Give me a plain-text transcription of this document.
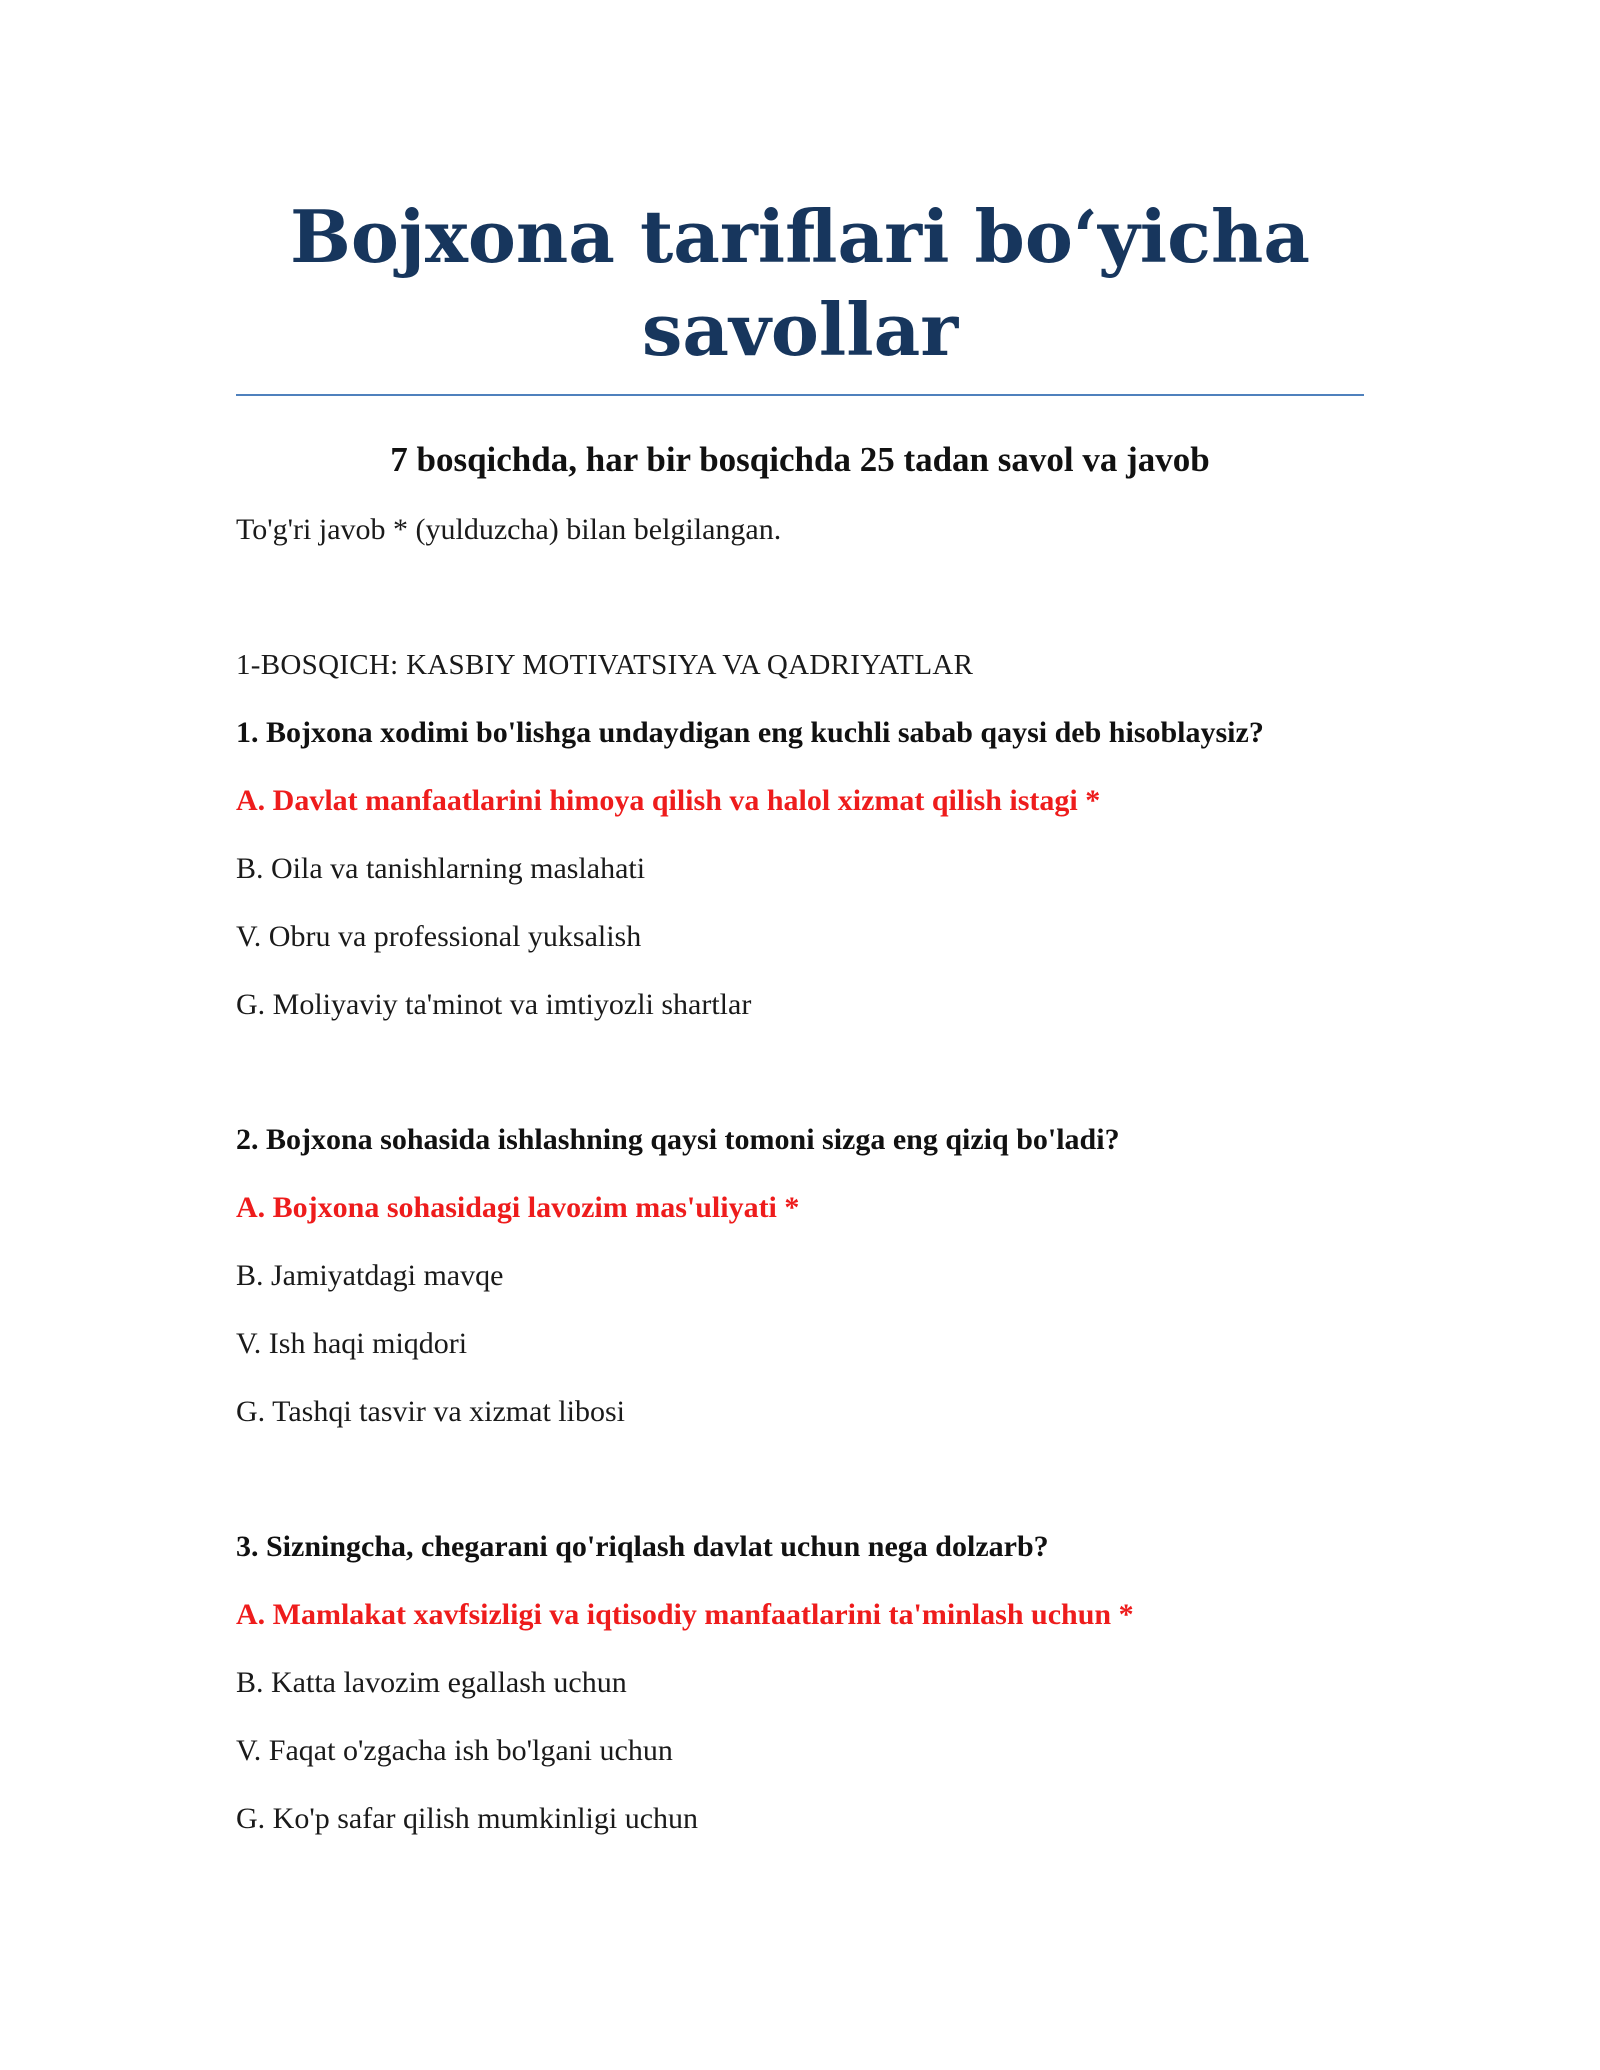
Bojxona tariflari bo‘yicha savollar
7 bosqichda, har bir bosqichda 25 tadan savol va javob

To'g'ri javob * (yulduzcha) bilan belgilangan.

1-BOSQICH: KASBIY MOTIVATSIYA VA QADRIYATLAR

1. Bojxona xodimi bo'lishga undaydigan eng kuchli sabab qaysi deb hisoblaysiz?

A. Davlat manfaatlarini himoya qilish va halol xizmat qilish istagi *

B. Oila va tanishlarning maslahati

V. Obru va professional yuksalish

G. Moliyaviy ta'minot va imtiyozli shartlar

2. Bojxona sohasida ishlashning qaysi tomoni sizga eng qiziq bo'ladi?

A. Bojxona sohasidagi lavozim mas'uliyati *

B. Jamiyatdagi mavqe

V. Ish haqi miqdori

G. Tashqi tasvir va xizmat libosi

3. Sizningcha, chegarani qo'riqlash davlat uchun nega dolzarb?

A. Mamlakat xavfsizligi va iqtisodiy manfaatlarini ta'minlash uchun *

B. Katta lavozim egallash uchun

V. Faqat o'zgacha ish bo'lgani uchun

G. Ko'p safar qilish mumkinligi uchun
